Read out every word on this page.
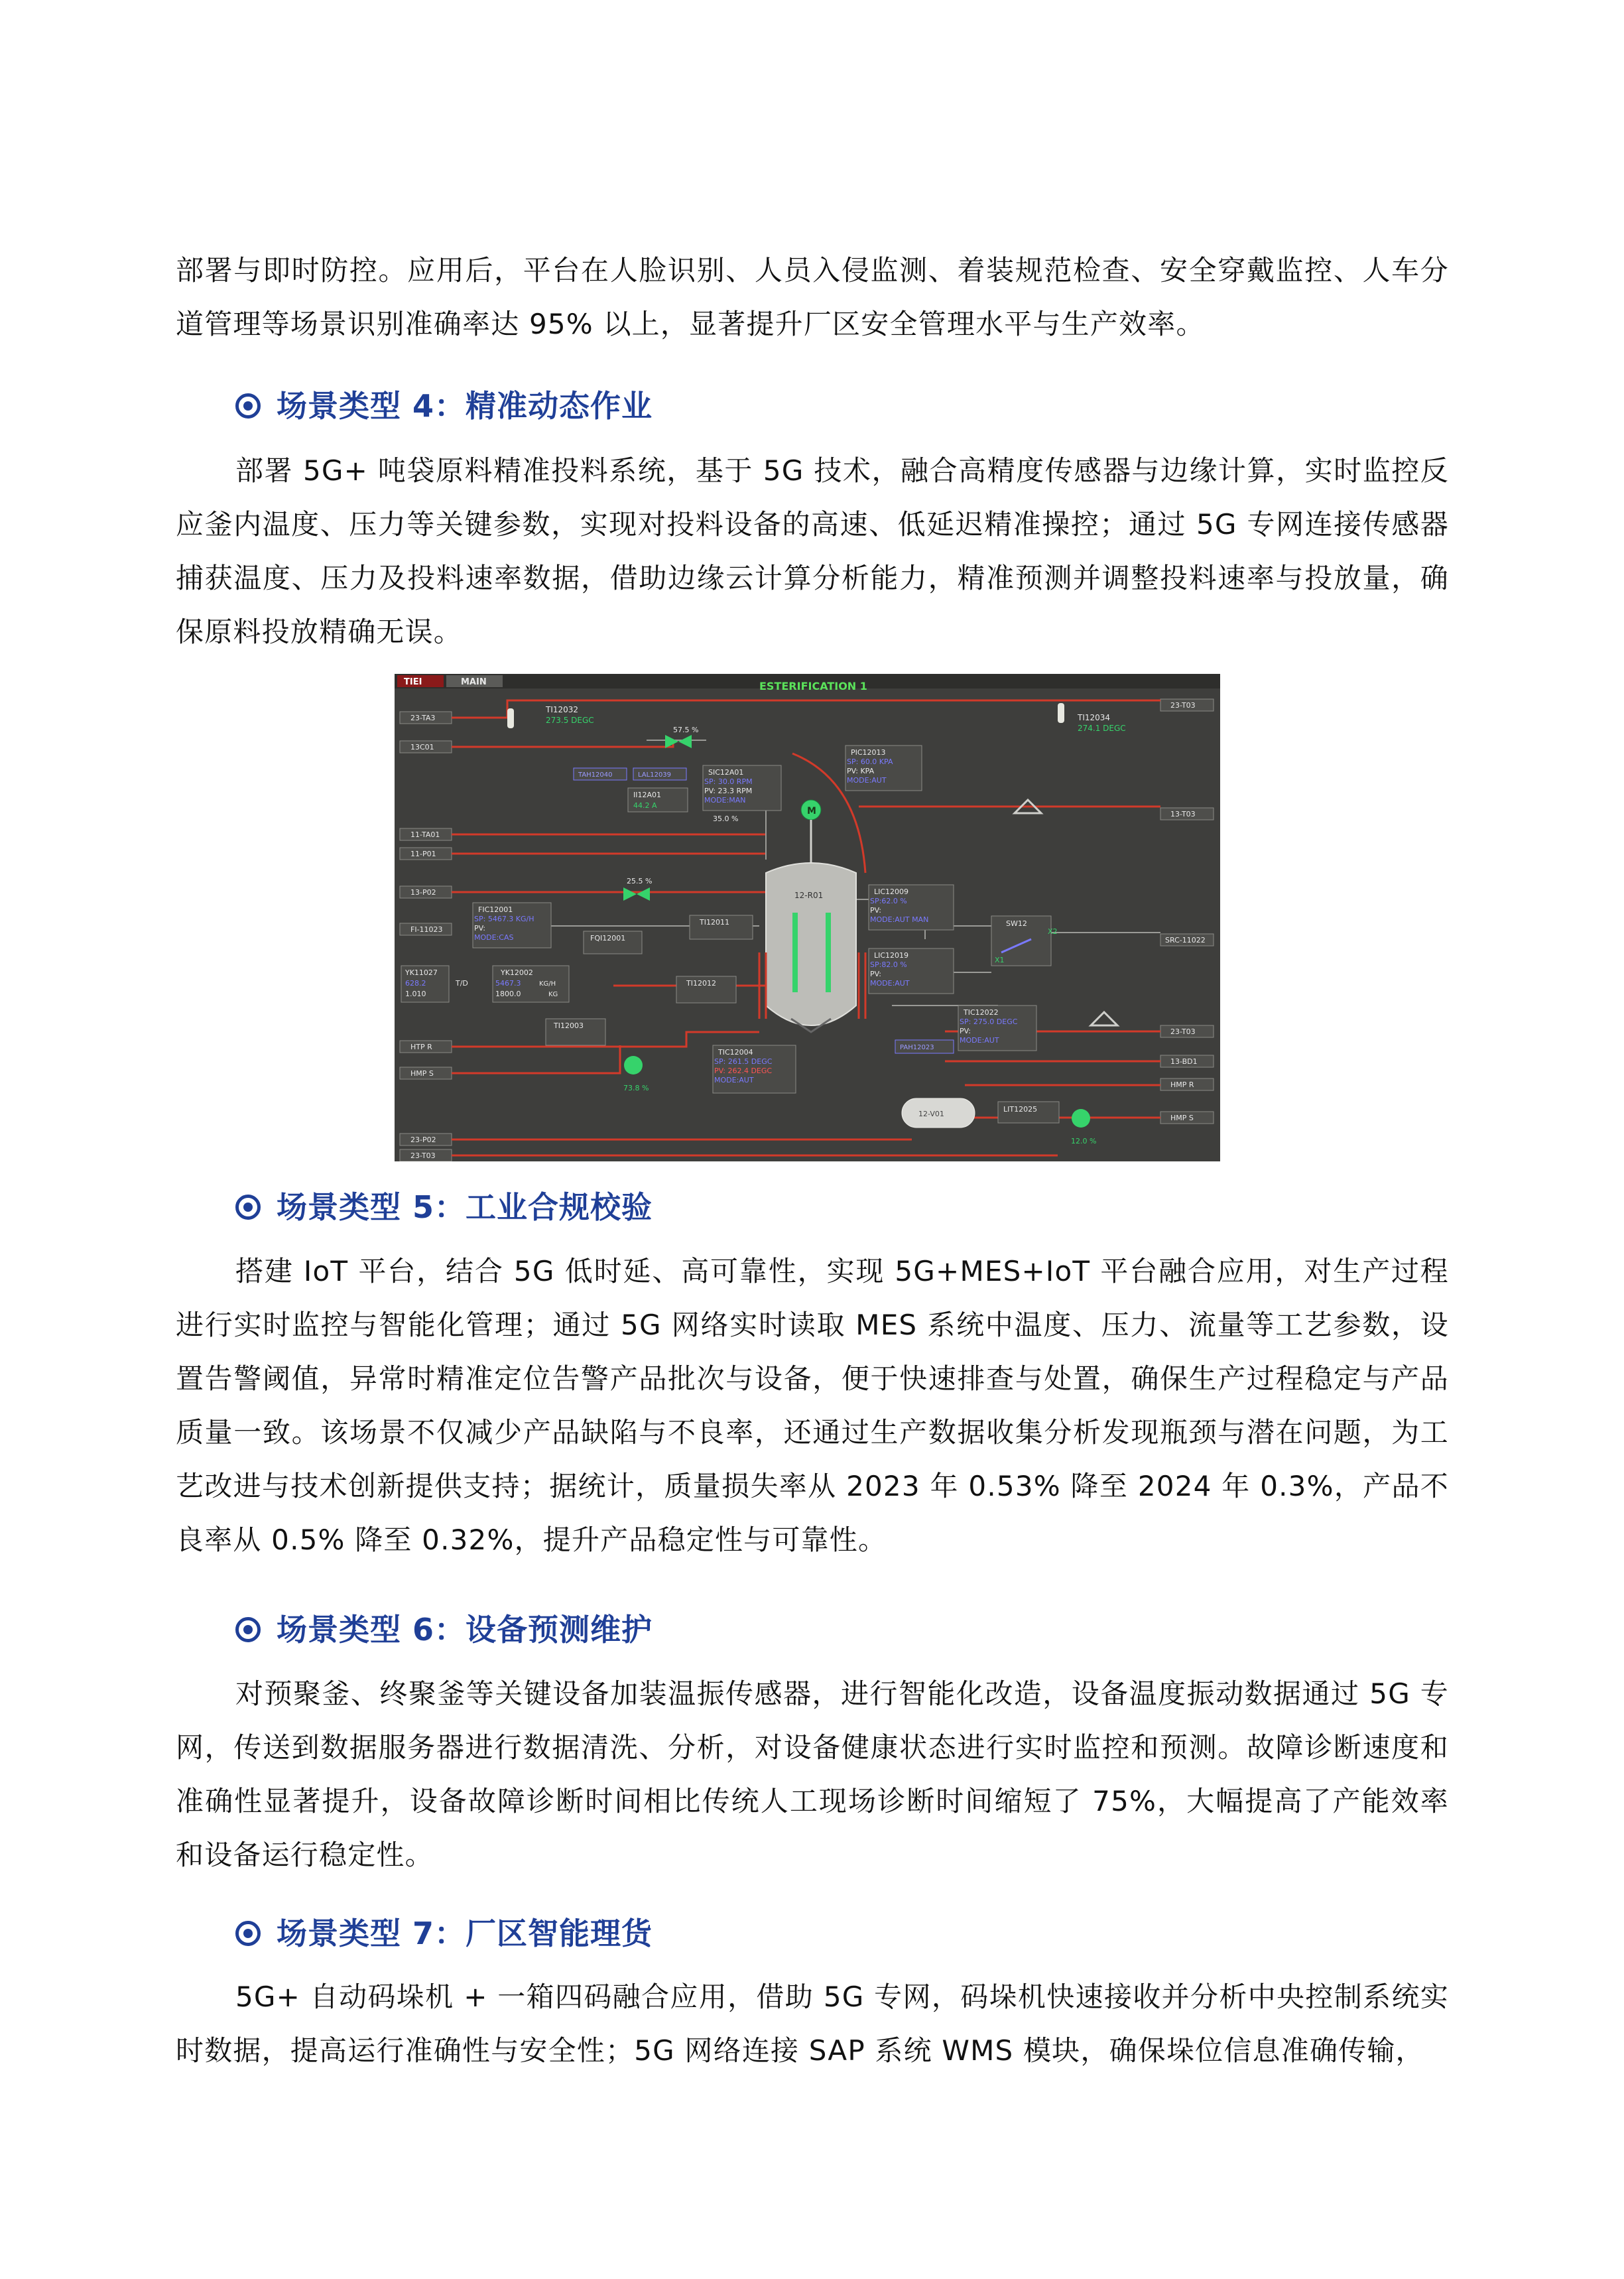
部署与即时防控。应用后，平台在人脸识别、人员入侵监测、着装规范检查、安全穿戴监控、人车分道管理等场景识别准确率达 95% 以上，显著提升厂区安全管理水平与生产效率。

场景类型 4：精准动态作业

部署 5G+ 吨袋原料精准投料系统，基于 5G 技术，融合高精度传感器与边缘计算，实时监控反应釜内温度、压力等关键参数，实现对投料设备的高速、低延迟精准操控；通过 5G 专网连接传感器捕获温度、压力及投料速率数据，借助边缘云计算分析能力，精准预测并调整投料速率与投放量，确保原料投放精确无误。

TIEI	MAIN	ESTERIFICATION 1
23-TA3
13C01
11-TA01
11-P01
13-P02
FI-11023
HTP R
HMP S
23-P02
23-T03
23-T03
13-T03
SRC-11022
23-T03
13-BD1
HMP R
HMP S
TI12032
273.5 DEGC	TI12034
274.1 DEGC
57.5 %
PIC12013
SP: 60.0 KPA
PV: KPA
MODE:AUT
TAH12040	LAL12039	SIC12A01
SP: 30.0 RPM
PV: 23.3 RPM
MODE:MAN
II12A01
44.2 A
35.0 %
M
12-R01
25.5 %
FIC12001
SP: 5467.3 KG/H
PV:
MODE:CAS	FQI12001
TI12011
LIC12009
SP:62.0 %
PV:
MODE:AUT MAN
LIC12019
SP:82.0 %
PV:
MODE:AUT
SW12
X2
X1
YK11027
628.2
1.010
T/D
YK12002
5467.3	KG/H
1800.0	KG
TI12012
TI12003
TIC12022
SP: 275.0 DEGC
PV:
MODE:AUT
PAH12023
TIC12004
SP: 261.5 DEGC
PV: 262.4 DEGC
MODE:AUT
73.8 %
12.0 %
12-V01
LIT12025
场景类型 5：工业合规校验

搭建 IoT 平台，结合 5G 低时延、高可靠性，实现 5G+MES+IoT 平台融合应用，对生产过程进行实时监控与智能化管理；通过 5G 网络实时读取 MES 系统中温度、压力、流量等工艺参数，设置告警阈值，异常时精准定位告警产品批次与设备，便于快速排查与处置，确保生产过程稳定与产品质量一致。该场景不仅减少产品缺陷与不良率，还通过生产数据收集分析发现瓶颈与潜在问题，为工艺改进与技术创新提供支持；据统计，质量损失率从 2023 年 0.53% 降至 2024 年 0.3%，产品不良率从 0.5% 降至 0.32%，提升产品稳定性与可靠性。

场景类型 6：设备预测维护

对预聚釜、终聚釜等关键设备加装温振传感器，进行智能化改造，设备温度振动数据通过 5G 专网，传送到数据服务器进行数据清洗、分析，对设备健康状态进行实时监控和预测。故障诊断速度和准确性显著提升，设备故障诊断时间相比传统人工现场诊断时间缩短了 75%，大幅提高了产能效率和设备运行稳定性。

场景类型 7：厂区智能理货

5G+ 自动码垛机 + 一箱四码融合应用，借助 5G 专网，码垛机快速接收并分析中央控制系统实时数据，提高运行准确性与安全性；5G 网络连接 SAP 系统 WMS 模块，确保垛位信息准确传输，
